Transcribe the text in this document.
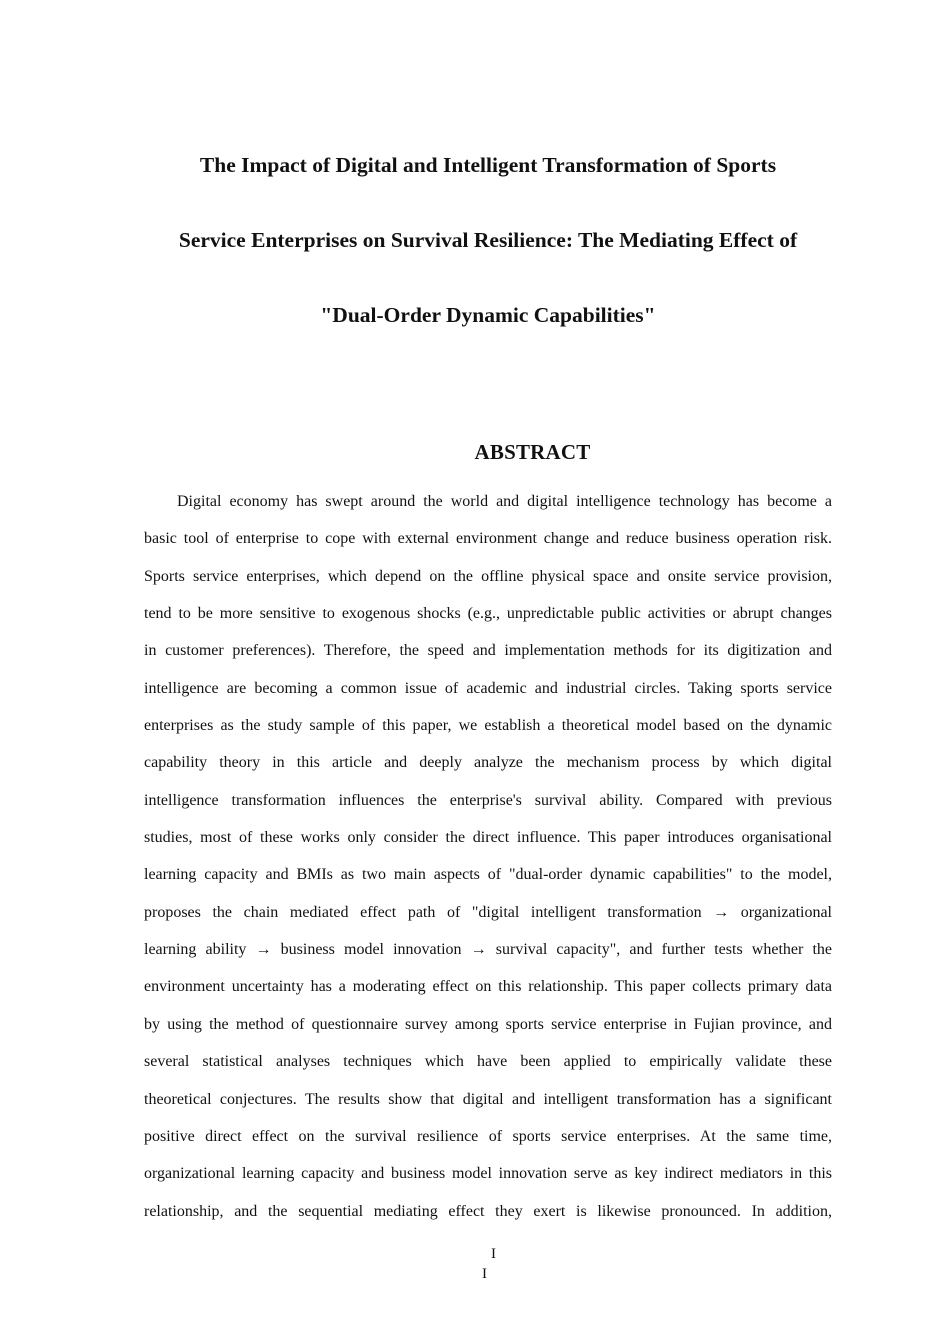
The Impact of Digital and Intelligent Transformation of Sports
Service Enterprises on Survival Resilience: The Mediating Effect of
"Dual-Order Dynamic Capabilities"
ABSTRACT
Digital economy has swept around the world and digital intelligence technology has become a
basic tool of enterprise to cope with external environment change and reduce business operation risk.
Sports service enterprises, which depend on the offline physical space and onsite service provision,
tend to be more sensitive to exogenous shocks (e.g., unpredictable public activities or abrupt changes
in customer preferences). Therefore, the speed and implementation methods for its digitization and
intelligence are becoming a common issue of academic and industrial circles. Taking sports service
enterprises as the study sample of this paper, we establish a theoretical model based on the dynamic
capability theory in this article and deeply analyze the mechanism process by which digital
intelligence transformation influences the enterprise's survival ability. Compared with previous
studies, most of these works only consider the direct influence. This paper introduces organisational
learning capacity and BMIs as two main aspects of "dual-order dynamic capabilities" to the model,
proposes the chain mediated effect path of "digital intelligent transformation → organizational
learning ability → business model innovation → survival capacity", and further tests whether the
environment uncertainty has a moderating effect on this relationship. This paper collects primary data
by using the method of questionnaire survey among sports service enterprise in Fujian province, and
several statistical analyses techniques which have been applied to empirically validate these
theoretical conjectures. The results show that digital and intelligent transformation has a significant
positive direct effect on the survival resilience of sports service enterprises. At the same time,
organizational learning capacity and business model innovation serve as key indirect mediators in this
relationship, and the sequential mediating effect they exert is likewise pronounced. In addition,
I
I
